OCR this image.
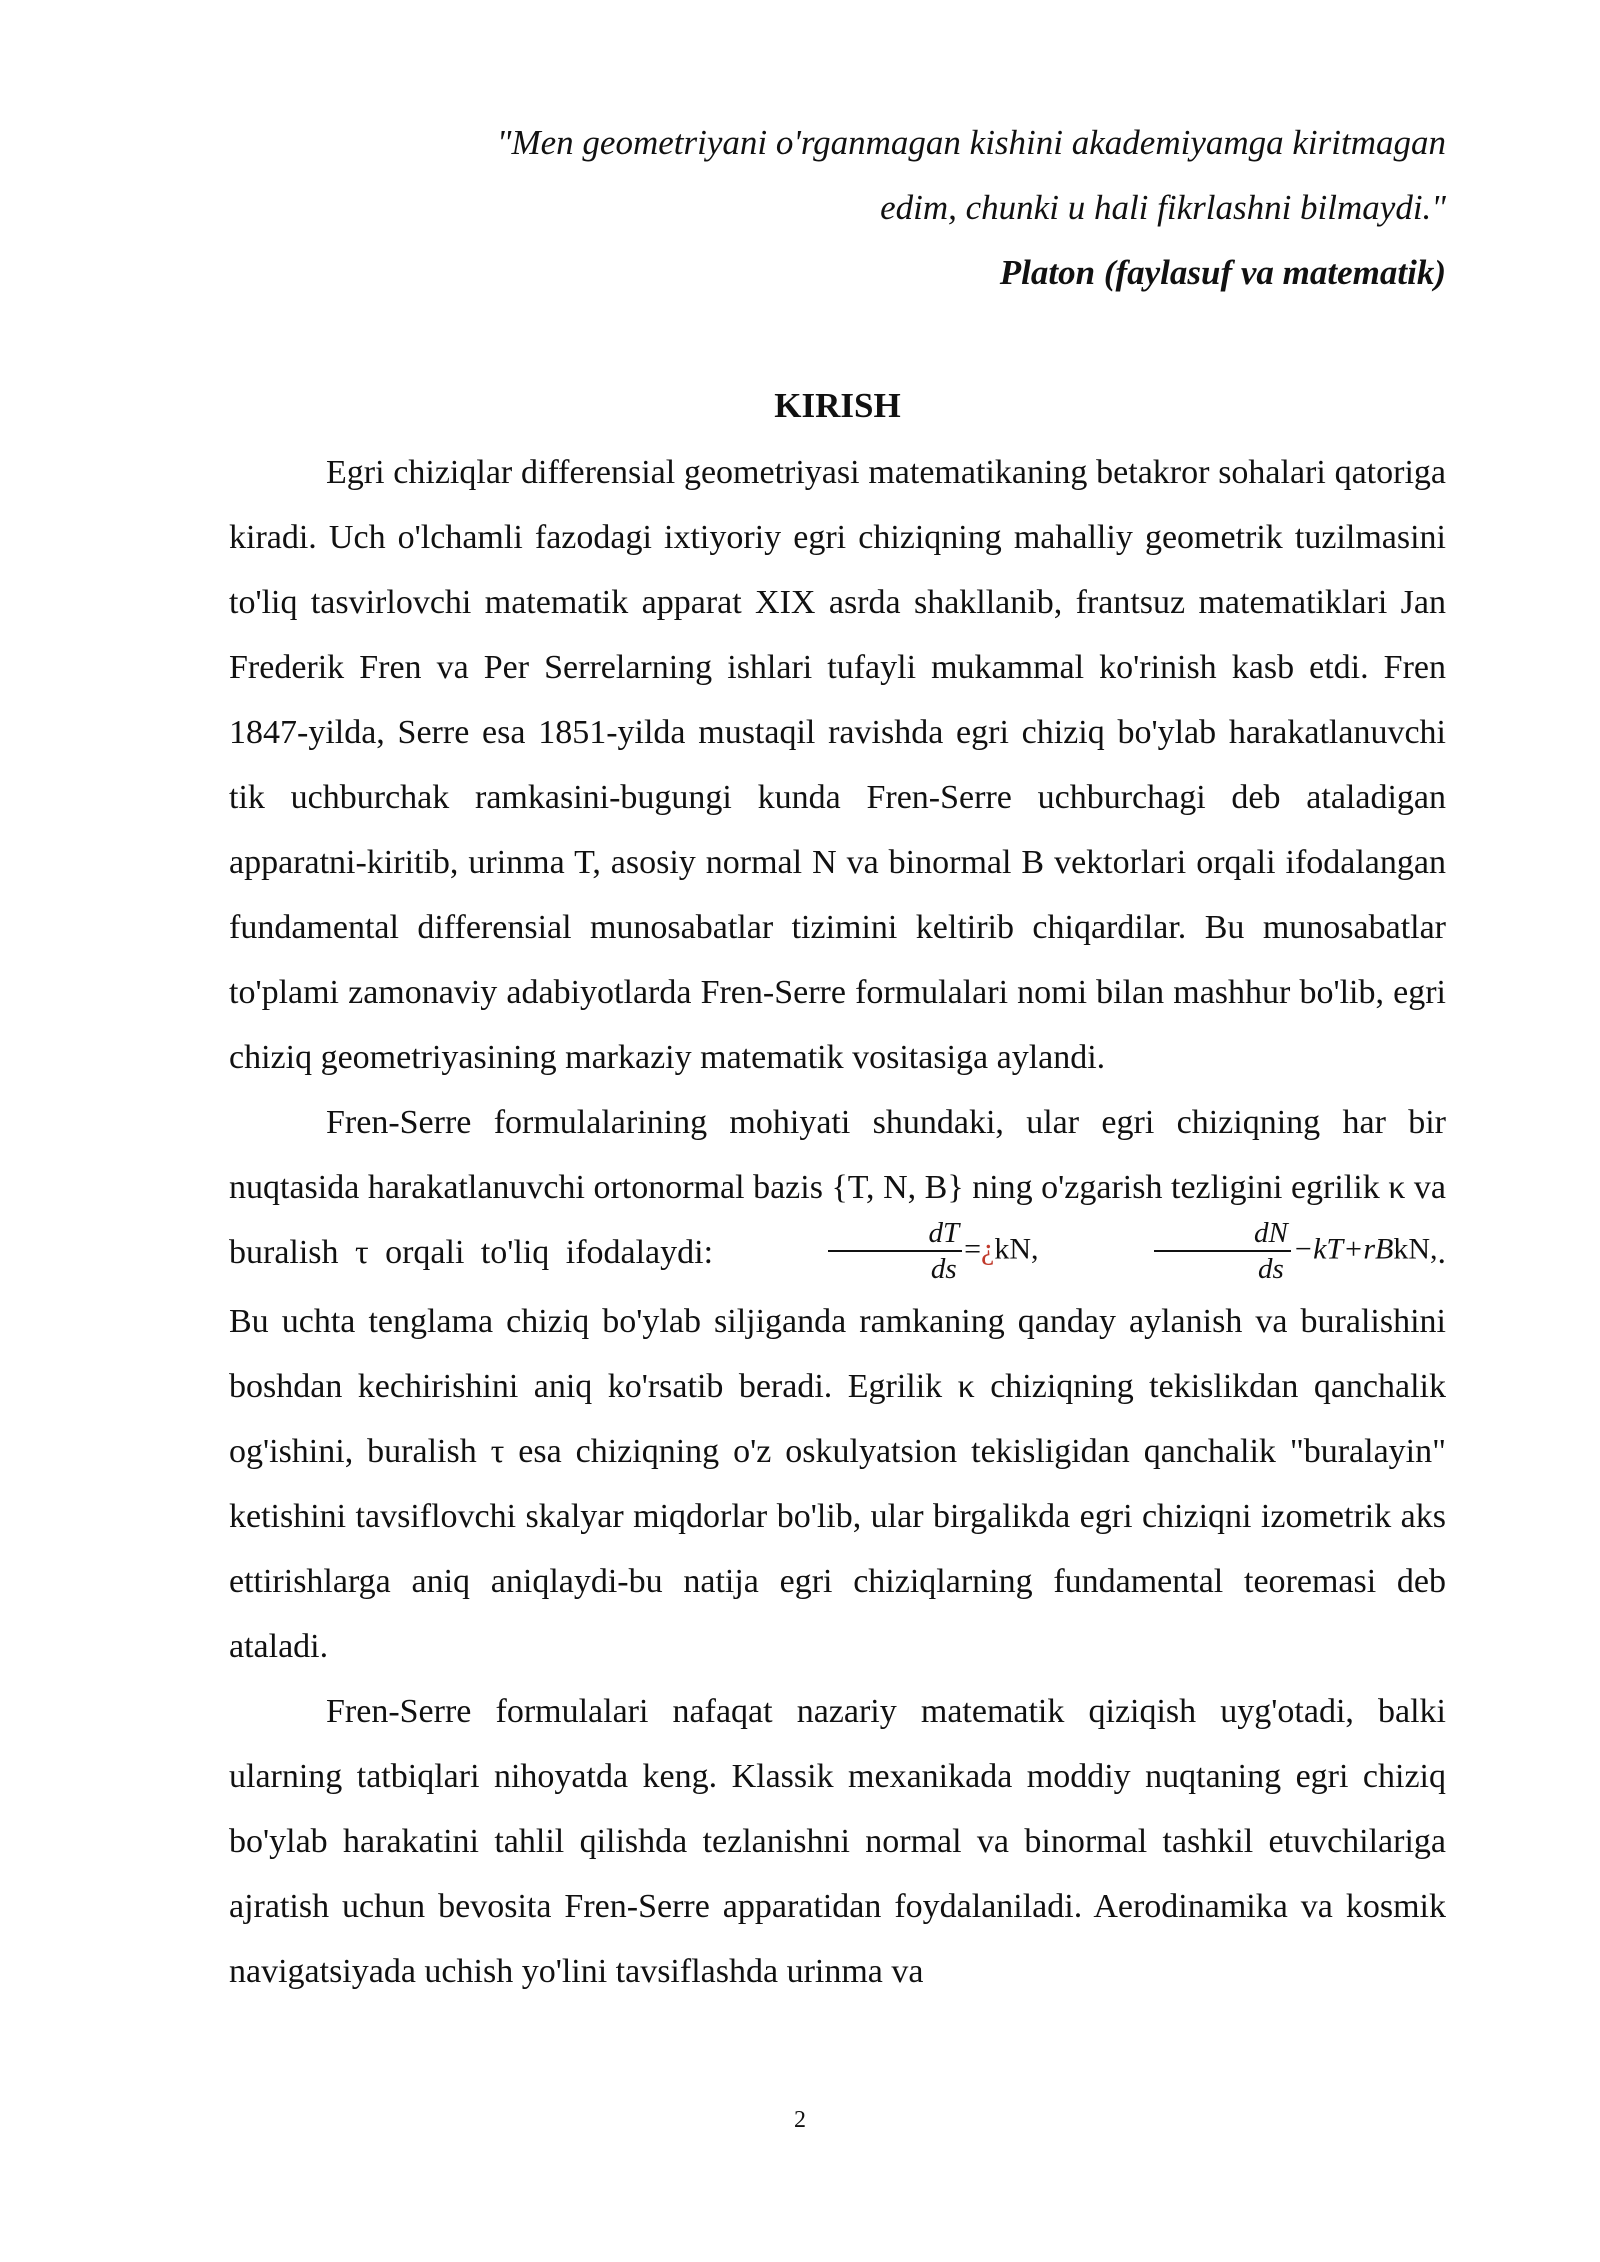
"Men geometriyani o'rganmagan kishini akademiyamga kiritmagan

edim, chunki u hali fikrlashni bilmaydi."

Platon (faylasuf va matematik)

KIRISH

Egri chiziqlar differensial geometriyasi matematikaning betakror sohalari qatoriga kiradi. Uch o'lchamli fazodagi ixtiyoriy egri chiziqning mahalliy geometrik tuzilmasini to'liq tasvirlovchi matematik apparat XIX asrda shakllanib, frantsuz matematiklari Jan Frederik Fren va Per Serrelarning ishlari tufayli mukammal ko'rinish kasb etdi. Fren 1847-yilda, Serre esa 1851-yilda mustaqil ravishda egri chiziq bo'ylab harakatlanuvchi tik uchburchak ramkasini-bugungi kunda Fren-Serre uchburchagi deb ataladigan apparatni-kiritib, urinma T, asosiy normal N va binormal B vektorlari orqali ifodalangan fundamental differensial munosabatlar tizimini keltirib chiqardilar. Bu munosabatlar to'plami zamonaviy adabiyotlarda Fren-Serre formulalari nomi bilan mashhur bo'lib, egri chiziq geometriyasining markaziy matematik vositasiga aylandi.

Fren-Serre formulalarining mohiyati shundaki, ular egri chiziqning har bir nuqtasida harakatlanuvchi ortonormal bazis {T, N, B} ning o'zgarish tezligini egrilik κ va buralish τ orqali to'liq ifodalaydi:	$\frac{dT}{ds}$ =¿kN,	$\frac{dN}{ds}$ −kT+rBkN,. Bu uchta tenglama chiziq bo'ylab siljiganda ramkaning qanday aylanish va buralishini boshdan kechirishini aniq ko'rsatib beradi. Egrilik κ chiziqning tekislikdan qanchalik og'ishini, buralish τ esa chiziqning o'z oskulyatsion tekisligidan qanchalik "buralayin" ketishini tavsiflovchi skalyar miqdorlar bo'lib, ular birgalikda egri chiziqni izometrik aks ettirishlarga aniq aniqlaydi-bu natija egri chiziqlarning fundamental teoremasi deb ataladi.

Fren-Serre formulalari nafaqat nazariy matematik qiziqish uyg'otadi, balki ularning tatbiqlari nihoyatda keng. Klassik mexanikada moddiy nuqtaning egri chiziq bo'ylab harakatini tahlil qilishda tezlanishni normal va binormal tashkil etuvchilariga ajratish uchun bevosita Fren-Serre apparatidan foydalaniladi. Aerodinamika va kosmik navigatsiyada uchish yo'lini tavsiflashda urinma va

2
